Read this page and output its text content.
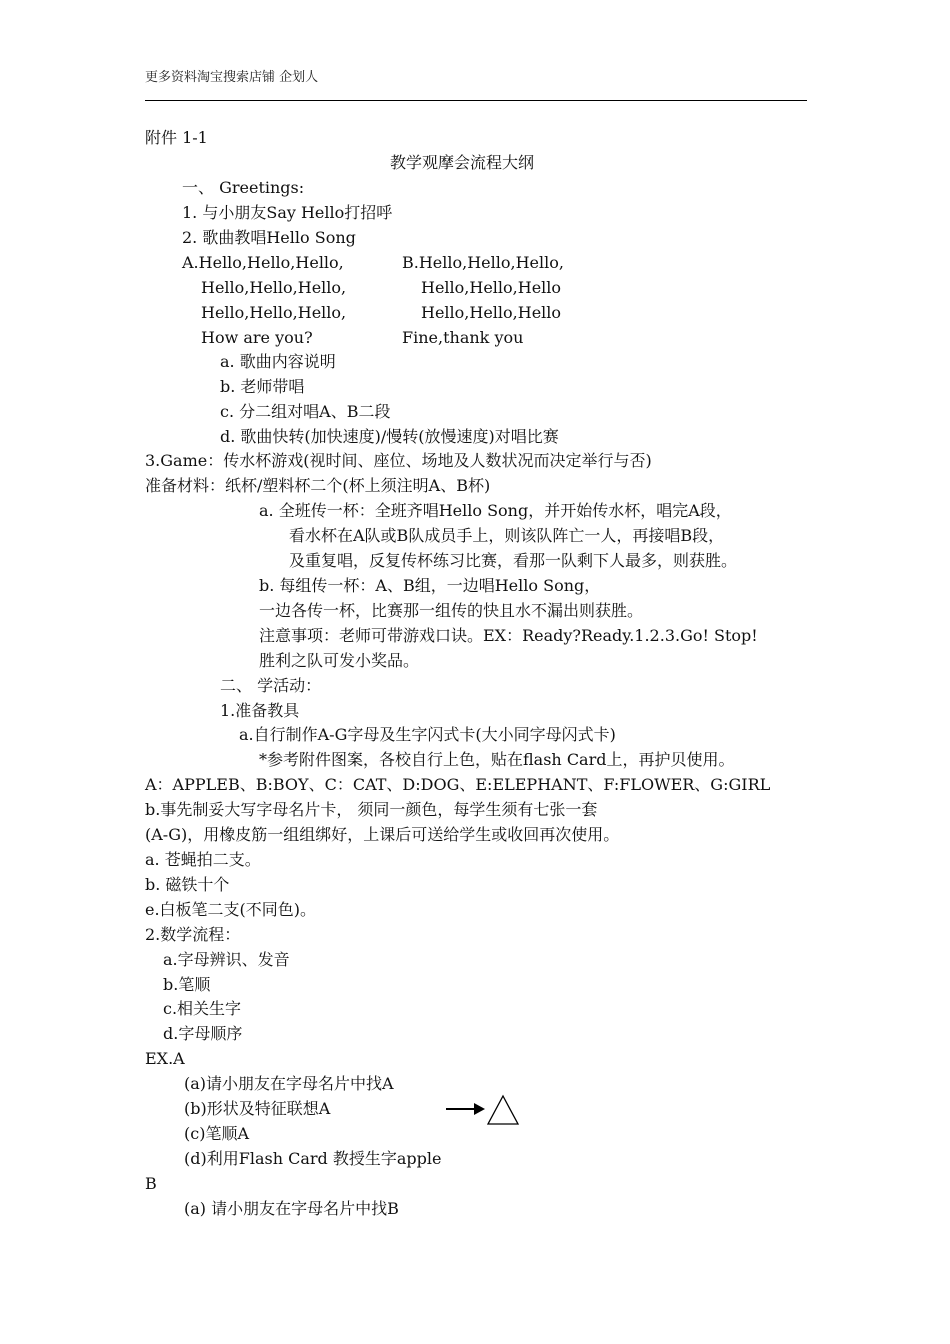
更多资料淘宝搜索店铺 企划人
附件 1-1
教学观摩会流程大纲
一、 Greetings:
1. 与小朋友Say Hello打招呼
2. 歌曲教唱Hello Song
A.Hello,Hello,Hello,
Hello,Hello,Hello,
Hello,Hello,Hello,
How are you?
B.Hello,Hello,Hello,
Hello,Hello,Hello
Hello,Hello,Hello
Fine,thank you
a. 歌曲内容说明
b. 老师带唱
c. 分二组对唱A、B二段
d. 歌曲快转(加快速度)/慢转(放慢速度)对唱比赛
3.Game：传水杯游戏(视时间、座位、场地及人数状况而决定举行与否)
准备材料：纸杯/塑料杯二个(杯上须注明A、B杯)
a. 全班传一杯：全班齐唱Hello Song，并开始传水杯，唱完A段，
看水杯在A队或B队成员手上，则该队阵亡一人，再接唱B段，
及重复唱，反复传杯练习比赛，看那一队剩下人最多，则获胜。
b. 每组传一杯：A、B组，一边唱Hello Song，
一边各传一杯，比赛那一组传的快且水不漏出则获胜。
注意事项：老师可带游戏口诀。EX：Ready?Ready.1.2.3.Go! Stop!
胜利之队可发小奖品。
二、 学活动：
1.准备教具
a.自行制作A-G字母及生字闪式卡(大小同字母闪式卡)
*参考附件图案，各校自行上色，贴在flash Card上，再护贝使用。
A：APPLEB、B:BOY、C：CAT、D:DOG、E:ELEPHANT、F:FLOWER、G:GIRL
b.事先制妥大写字母名片卡， 须同一颜色，每学生须有七张一套
(A-G)，用橡皮筋一组组绑好，上课后可送给学生或收回再次使用。
a. 苍蝇拍二支。
b. 磁铁十个
e.白板笔二支(不同色)。
2.数学流程：
a.字母辨识、发音
b.笔顺
c.相关生字
d.字母顺序
EX.A
(a)请小朋友在字母名片中找A
(b)形状及特征联想A
(c)笔顺A
(d)利用Flash Card 教授生字apple
B
(a) 请小朋友在字母名片中找B
